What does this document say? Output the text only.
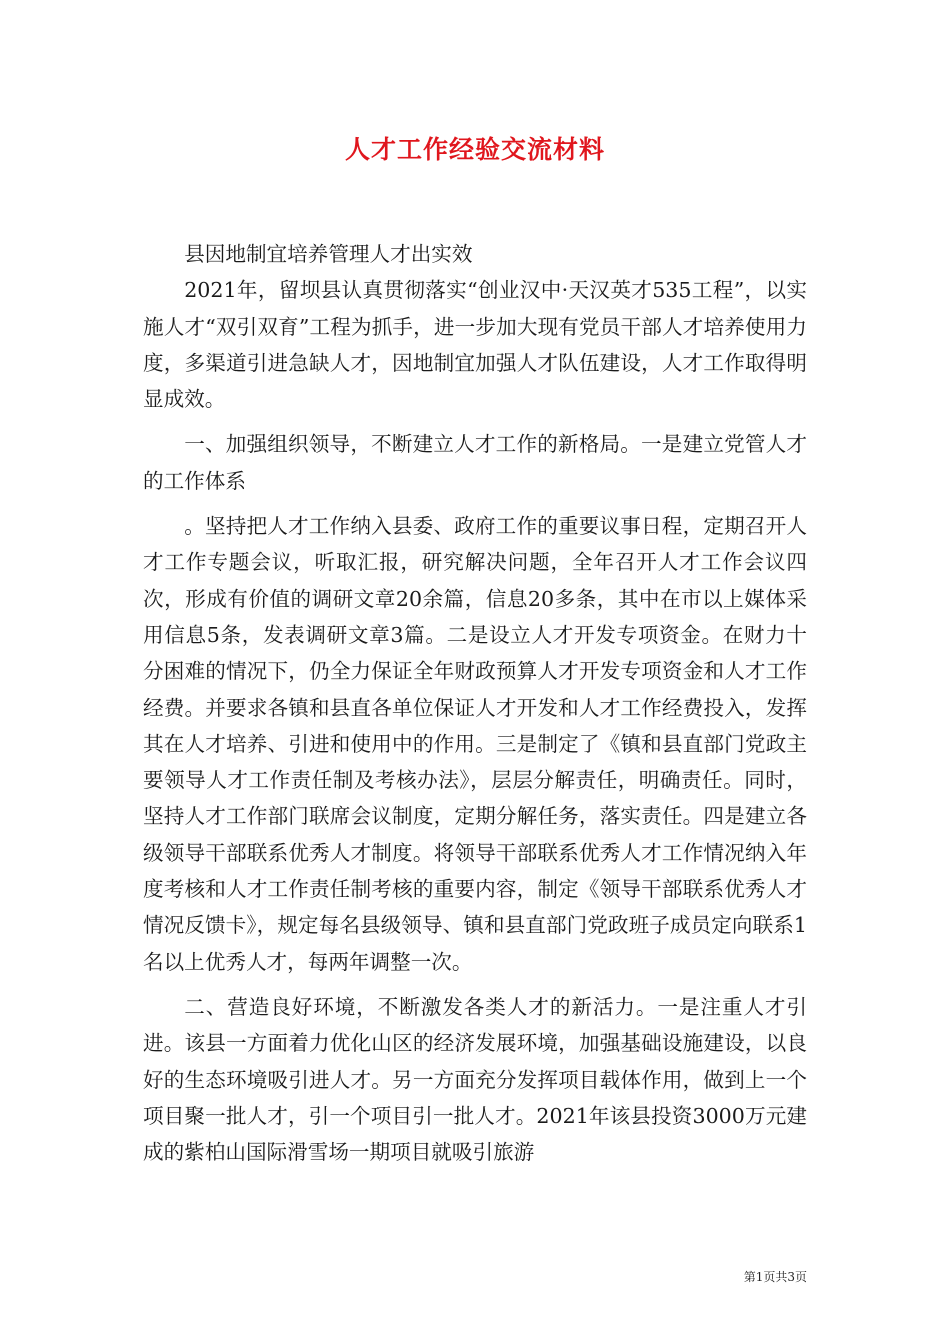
人才工作经验交流材料

县因地制宜培养管理人才出实效

2021年，留坝县认真贯彻落实“创业汉中·天汉英才535工程”，以实施人才“双引双育”工程为抓手，进一步加大现有党员干部人才培养使用力度，多渠道引进急缺人才，因地制宜加强人才队伍建设，人才工作取得明显成效。

一、加强组织领导，不断建立人才工作的新格局。一是建立党管人才的工作体系

。坚持把人才工作纳入县委、政府工作的重要议事日程，定期召开人才工作专题会议，听取汇报，研究解决问题，全年召开人才工作会议四次，形成有价值的调研文章20余篇，信息20多条，其中在市以上媒体采用信息5条，发表调研文章3篇。二是设立人才开发专项资金。在财力十分困难的情况下，仍全力保证全年财政预算人才开发专项资金和人才工作经费。并要求各镇和县直各单位保证人才开发和人才工作经费投入，发挥其在人才培养、引进和使用中的作用。三是制定了《镇和县直部门党政主要领导人才工作责任制及考核办法》，层层分解责任，明确责任。同时，坚持人才工作部门联席会议制度，定期分解任务，落实责任。四是建立各级领导干部联系优秀人才制度。将领导干部联系优秀人才工作情况纳入年度考核和人才工作责任制考核的重要内容，制定《领导干部联系优秀人才情况反馈卡》，规定每名县级领导、镇和县直部门党政班子成员定向联系1名以上优秀人才，每两年调整一次。

二、营造良好环境，不断激发各类人才的新活力。一是注重人才引进。该县一方面着力优化山区的经济发展环境，加强基础设施建设，以良好的生态环境吸引进人才。另一方面充分发挥项目载体作用，做到上一个项目聚一批人才，引一个项目引一批人才。2021年该县投资3000万元建成的紫柏山国际滑雪场一期项目就吸引旅游

第1页共3页
